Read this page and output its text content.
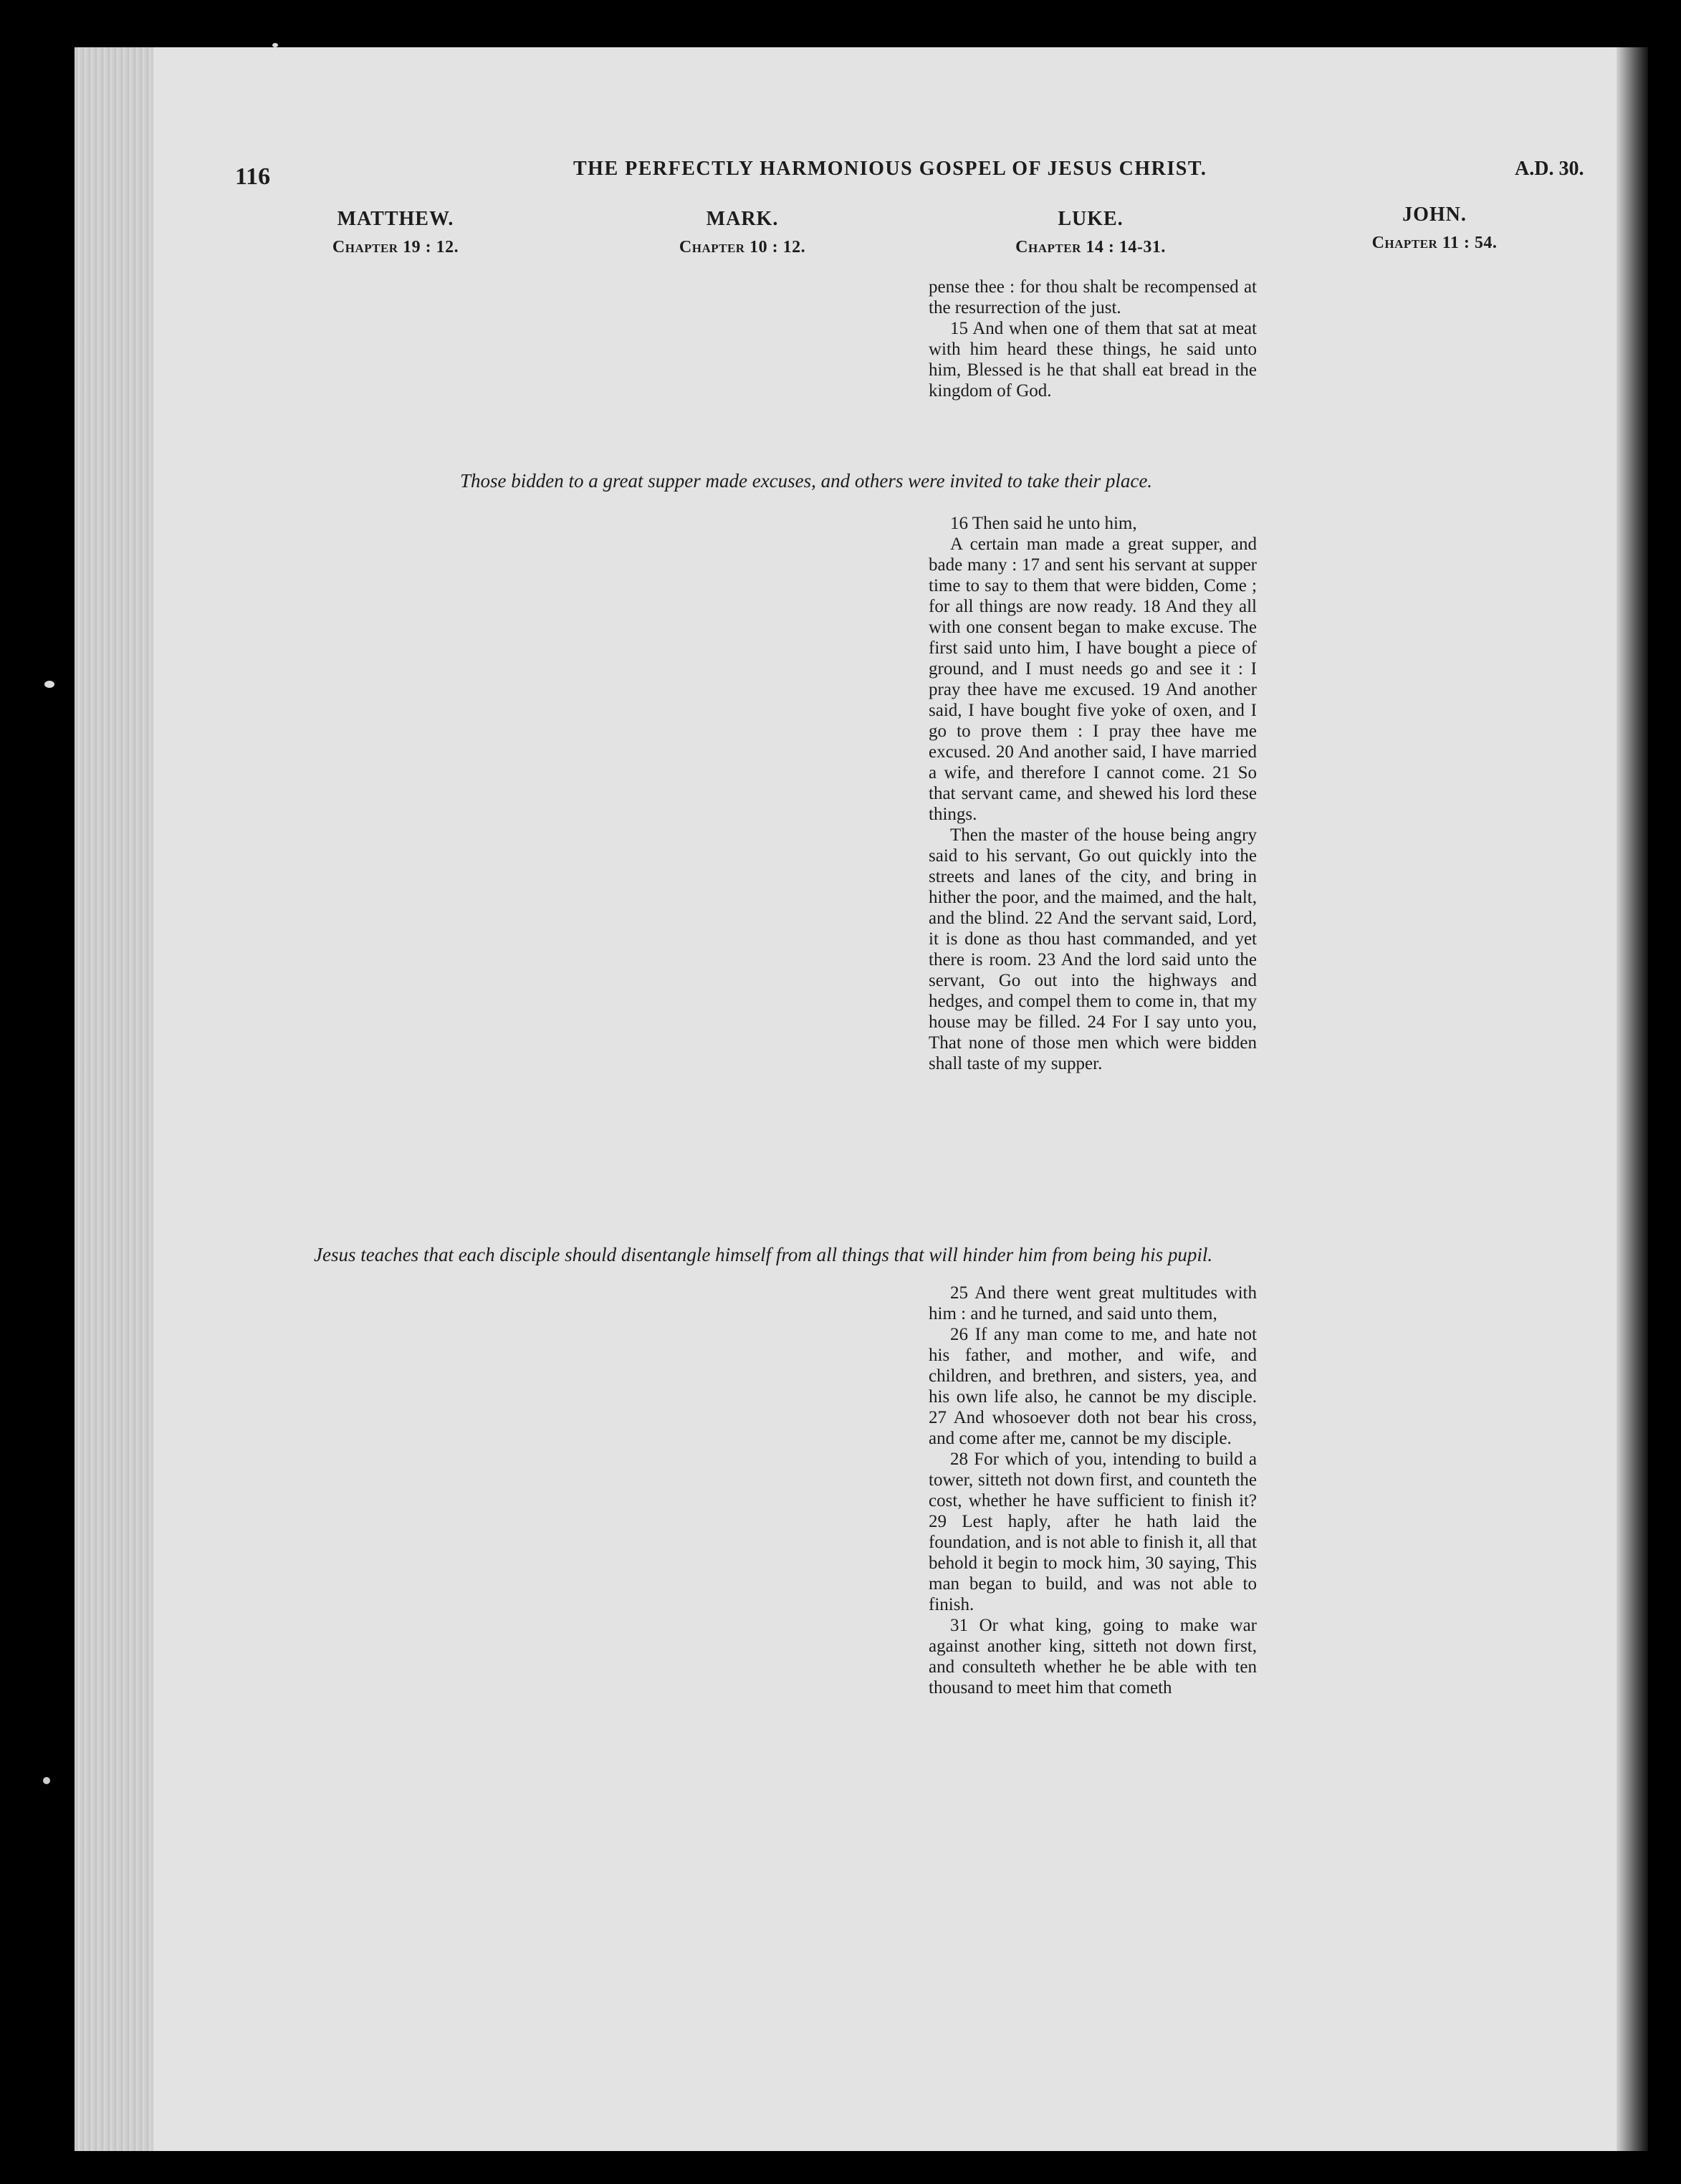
116	THE PERFECTLY HARMONIOUS GOSPEL OF JESUS CHRIST.	A.D. 30.
MATTHEW.
Chapter 19 : 12.
MARK.
Chapter 10 : 12.
LUKE.
Chapter 14 : 14-31.
JOHN.
Chapter 11 : 54.

pense thee : for thou shalt be recompensed at the resurrection of the just.

15 And when one of them that sat at meat with him heard these things, he said unto him, Blessed is he that shall eat bread in the kingdom of God.

Those bidden to a great supper made excuses, and others were invited to take their place.

16 Then said he unto him,

A certain man made a great supper, and bade many : 17 and sent his servant at supper time to say to them that were bidden, Come ; for all things are now ready. 18 And they all with one consent began to make excuse. The first said unto him, I have bought a piece of ground, and I must needs go and see it : I pray thee have me excused. 19 And another said, I have bought five yoke of oxen, and I go to prove them : I pray thee have me excused. 20 And another said, I have married a wife, and therefore I cannot come. 21 So that servant came, and shewed his lord these things.

Then the master of the house being angry said to his servant, Go out quickly into the streets and lanes of the city, and bring in hither the poor, and the maimed, and the halt, and the blind. 22 And the servant said, Lord, it is done as thou hast commanded, and yet there is room. 23 And the lord said unto the servant, Go out into the highways and hedges, and compel them to come in, that my house may be filled. 24 For I say unto you, That none of those men which were bidden shall taste of my supper.

Jesus teaches that each disciple should disentangle himself from all things that will hinder him from being his pupil.

25 And there went great multitudes with him : and he turned, and said unto them,

26 If any man come to me, and hate not his father, and mother, and wife, and children, and brethren, and sisters, yea, and his own life also, he cannot be my disciple. 27 And whosoever doth not bear his cross, and come after me, cannot be my disciple.

28 For which of you, intending to build a tower, sitteth not down first, and counteth the cost, whether he have sufficient to finish it? 29 Lest haply, after he hath laid the foundation, and is not able to finish it, all that behold it begin to mock him, 30 saying, This man began to build, and was not able to finish.

31 Or what king, going to make war against another king, sitteth not down first, and consulteth whether he be able with ten thousand to meet him that cometh
